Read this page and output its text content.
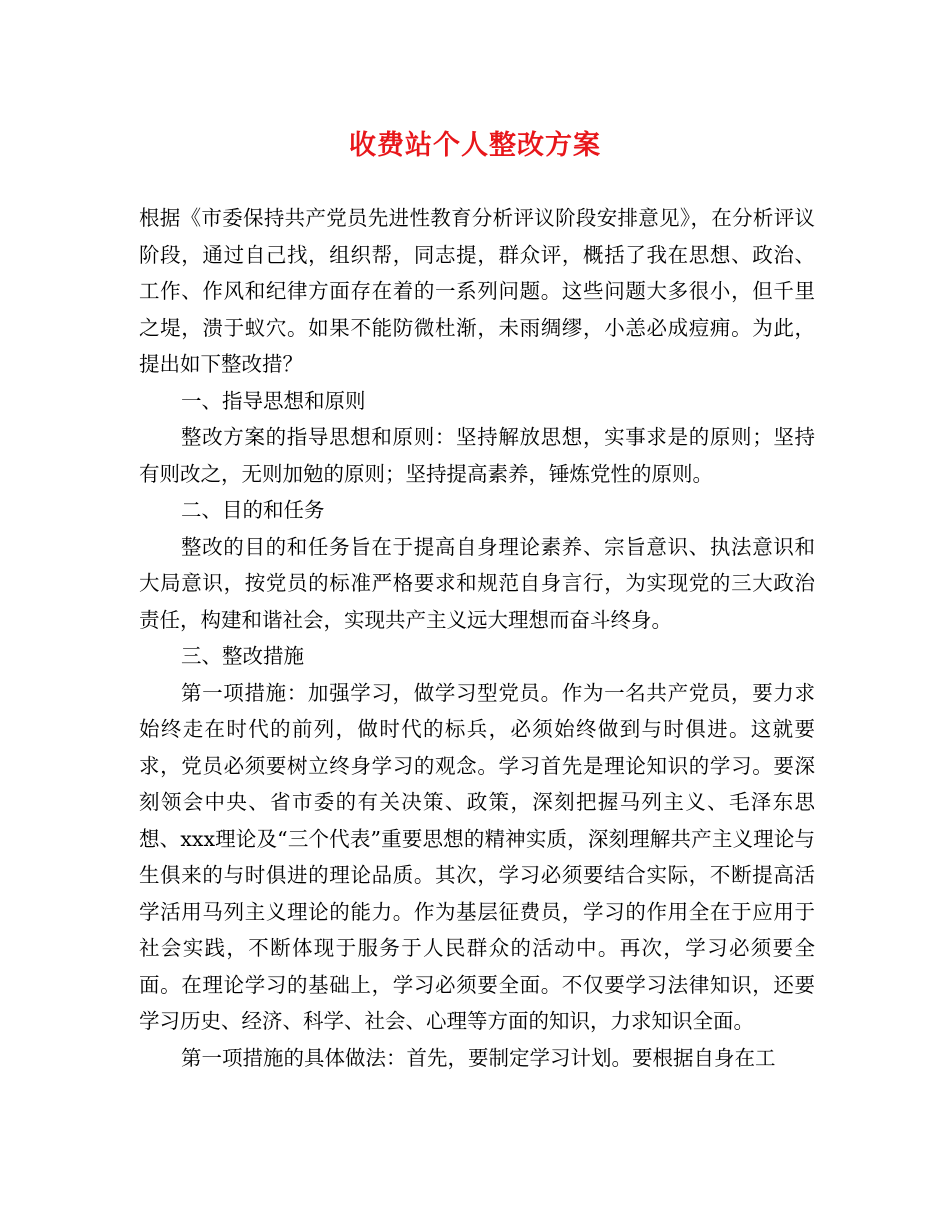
收费站个人整改方案

根据《市委保持共产党员先进性教育分析评议阶段安排意见》，在分析评议阶段，通过自己找，组织帮，同志提，群众评，概括了我在思想、政治、工作、作风和纪律方面存在着的一系列问题。这些问题大多很小，但千里之堤，溃于蚁穴。如果不能防微杜渐，未雨绸缪，小恙必成痘痈。为此，提出如下整改措？

一、指导思想和原则

整改方案的指导思想和原则：坚持解放思想，实事求是的原则；坚持有则改之，无则加勉的原则；坚持提高素养，锤炼党性的原则。

二、目的和任务

整改的目的和任务旨在于提高自身理论素养、宗旨意识、执法意识和大局意识，按党员的标准严格要求和规范自身言行，为实现党的三大政治责任，构建和谐社会，实现共产主义远大理想而奋斗终身。

三、整改措施

第一项措施：加强学习，做学习型党员。作为一名共产党员，要力求始终走在时代的前列，做时代的标兵，必须始终做到与时俱进。这就要求，党员必须要树立终身学习的观念。学习首先是理论知识的学习。要深刻领会中央、省市委的有关决策、政策，深刻把握马列主义、毛泽东思想、xxx理论及“三个代表”重要思想的精神实质，深刻理解共产主义理论与生俱来的与时俱进的理论品质。其次，学习必须要结合实际，不断提高活学活用马列主义理论的能力。作为基层征费员，学习的作用全在于应用于社会实践，不断体现于服务于人民群众的活动中。再次，学习必须要全面。在理论学习的基础上，学习必须要全面。不仅要学习法律知识，还要学习历史、经济、科学、社会、心理等方面的知识，力求知识全面。

第一项措施的具体做法：首先，要制定学习计划。要根据自身在工
